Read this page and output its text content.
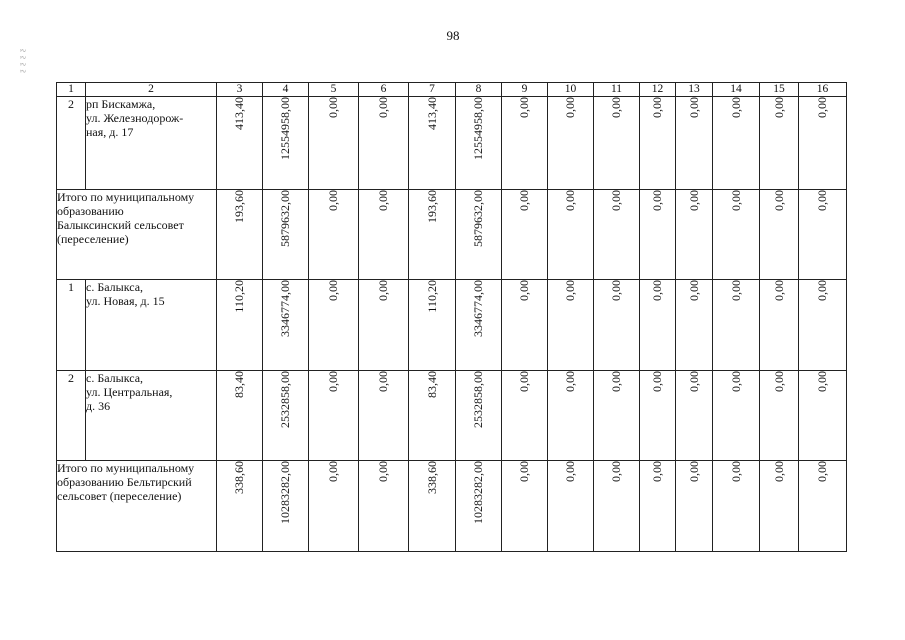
98
ƺ ƺ ƺ ƺ
1	2	3	4	5	6	7	8	9	10	11	12	13	14	15	16
2	рп Бискамжа,
ул. Железнодорож-
ная, д. 17	413,40	12554958,00	0,00	0,00	413,40	12554958,00	0,00	0,00	0,00	0,00	0,00	0,00	0,00	0,00

Итого по муниципальному
образованию
Балыксинский сельсовет
(переселение)		193,60	5879632,00	0,00	0,00	193,60	5879632,00	0,00	0,00	0,00	0,00	0,00	0,00	0,00	0,00
1	с. Балыкса,
ул. Новая, д. 15	110,20	3346774,00	0,00	0,00	110,20	3346774,00	0,00	0,00	0,00	0,00	0,00	0,00	0,00	0,00
2	с. Балыкса,
ул. Центральная,
д. 36	83,40	2532858,00	0,00	0,00	83,40	2532858,00	0,00	0,00	0,00	0,00	0,00	0,00	0,00	0,00

Итого по муниципальному
образованию Бельтирский
сельсовет (переселение)		338,60	10283282,00	0,00	0,00	338,60	10283282,00	0,00	0,00	0,00	0,00	0,00	0,00	0,00	0,00
